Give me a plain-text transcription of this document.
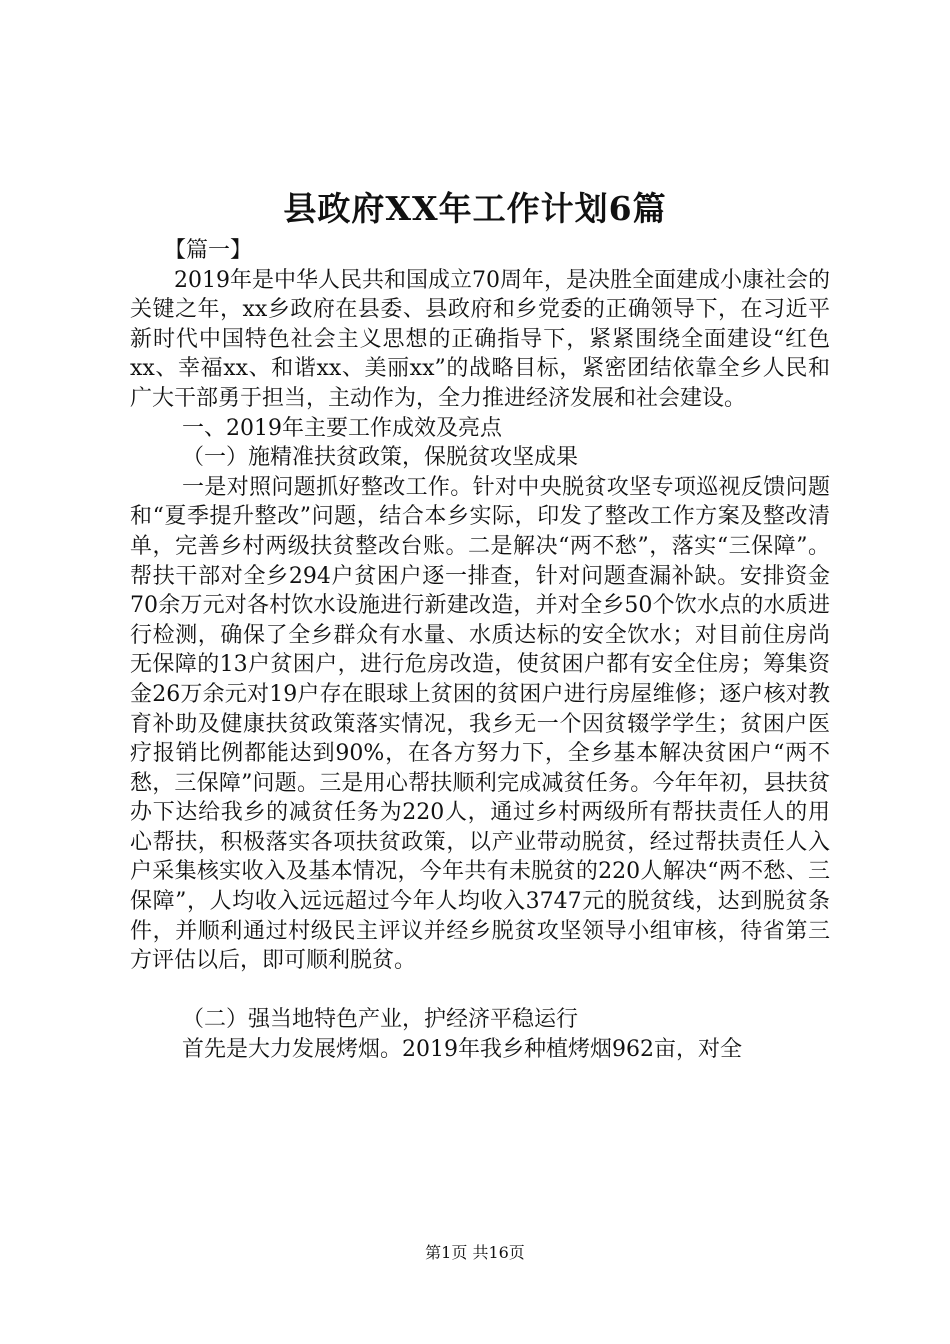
县政府XX年工作计划6篇

【篇一】

2019年是中华人民共和国成立70周年，是决胜全面建成小康社会的关键之年，xx乡政府在县委、县政府和乡党委的正确领导下，在习近平新时代中国特色社会主义思想的正确指导下，紧紧围绕全面建设“红色xx、幸福xx、和谐xx、美丽xx”的战略目标，紧密团结依靠全乡人民和广大干部勇于担当，主动作为，全力推进经济发展和社会建设。

一、2019年主要工作成效及亮点

（一）施精准扶贫政策，保脱贫攻坚成果

一是对照问题抓好整改工作。针对中央脱贫攻坚专项巡视反馈问题和“夏季提升整改”问题，结合本乡实际，印发了整改工作方案及整改清单，完善乡村两级扶贫整改台账。二是解决“两不愁”，落实“三保障”。帮扶干部对全乡294户贫困户逐一排查，针对问题查漏补缺。安排资金70余万元对各村饮水设施进行新建改造，并对全乡50个饮水点的水质进行检测，确保了全乡群众有水量、水质达标的安全饮水；对目前住房尚无保障的13户贫困户，进行危房改造，使贫困户都有安全住房；筹集资金26万余元对19户存在眼球上贫困的贫困户进行房屋维修；逐户核对教育补助及健康扶贫政策落实情况，我乡无一个因贫辍学学生；贫困户医疗报销比例都能达到90%，在各方努力下，全乡基本解决贫困户“两不愁，三保障”问题。三是用心帮扶顺利完成减贫任务。今年年初，县扶贫办下达给我乡的减贫任务为220人，通过乡村两级所有帮扶责任人的用心帮扶，积极落实各项扶贫政策，以产业带动脱贫，经过帮扶责任人入户采集核实收入及基本情况，今年共有未脱贫的220人解决“两不愁、三保障”，人均收入远远超过今年人均收入3747元的脱贫线，达到脱贫条件，并顺利通过村级民主评议并经乡脱贫攻坚领导小组审核，待省第三方评估以后，即可顺利脱贫。

（二）强当地特色产业，护经济平稳运行

首先是大力发展烤烟。2019年我乡种植烤烟962亩，对全

第1页 共16页
